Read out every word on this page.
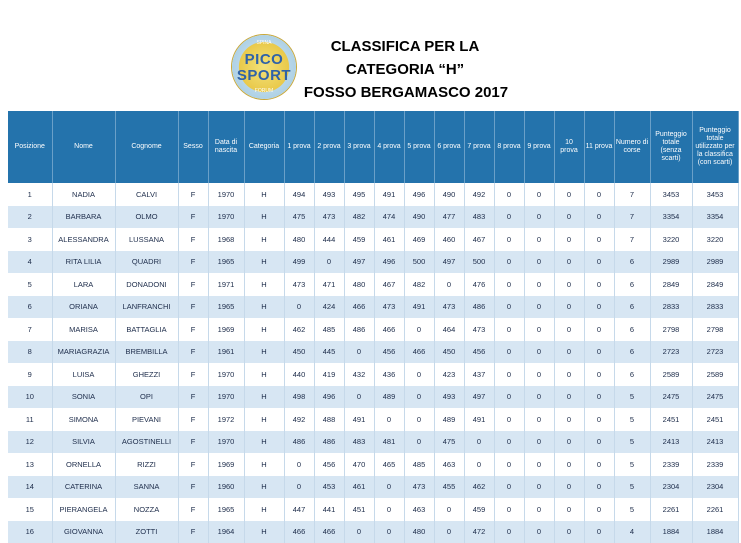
SPINA
PICO
SPORT
FORUM
CLASSIFICA PER LA
CATEGORIA “H”
FOSSO BERGAMASCO 2017
Posizione	Nome	Cognome	Sesso	Data di nascita	Categoria	1 prova	2 prova	3 prova	4 prova	5 prova	6 prova	7 prova	8 prova	9 prova	10 prova	11 prova	Numero di corse	Punteggio totale (senza scarti)	Punteggio totale utilizzato per la classifica (con scarti)
1	NADIA	CALVI	F	1970	H	494	493	495	491	496	490	492	0	0	0	0	7	3453	3453
2	BARBARA	OLMO	F	1970	H	475	473	482	474	490	477	483	0	0	0	0	7	3354	3354
3	ALESSANDRA	LUSSANA	F	1968	H	480	444	459	461	469	460	467	0	0	0	0	7	3220	3220
4	RITA LILIA	QUADRI	F	1965	H	499	0	497	496	500	497	500	0	0	0	0	6	2989	2989
5	LARA	DONADONI	F	1971	H	473	471	480	467	482	0	476	0	0	0	0	6	2849	2849
6	ORIANA	LANFRANCHI	F	1965	H	0	424	466	473	491	473	486	0	0	0	0	6	2833	2833
7	MARISA	BATTAGLIA	F	1969	H	462	485	486	466	0	464	473	0	0	0	0	6	2798	2798
8	MARIAGRAZIA	BREMBILLA	F	1961	H	450	445	0	456	466	450	456	0	0	0	0	6	2723	2723
9	LUISA	GHEZZI	F	1970	H	440	419	432	436	0	423	437	0	0	0	0	6	2589	2589
10	SONIA	OPI	F	1970	H	498	496	0	489	0	493	497	0	0	0	0	5	2475	2475
11	SIMONA	PIEVANI	F	1972	H	492	488	491	0	0	489	491	0	0	0	0	5	2451	2451
12	SILVIA	AGOSTINELLI	F	1970	H	486	486	483	481	0	475	0	0	0	0	0	5	2413	2413
13	ORNELLA	RIZZI	F	1969	H	0	456	470	465	485	463	0	0	0	0	0	5	2339	2339
14	CATERINA	SANNA	F	1960	H	0	453	461	0	473	455	462	0	0	0	0	5	2304	2304
15	PIERANGELA	NOZZA	F	1965	H	447	441	451	0	463	0	459	0	0	0	0	5	2261	2261
16	GIOVANNA	ZOTTI	F	1964	H	466	466	0	0	480	0	472	0	0	0	0	4	1884	1884
